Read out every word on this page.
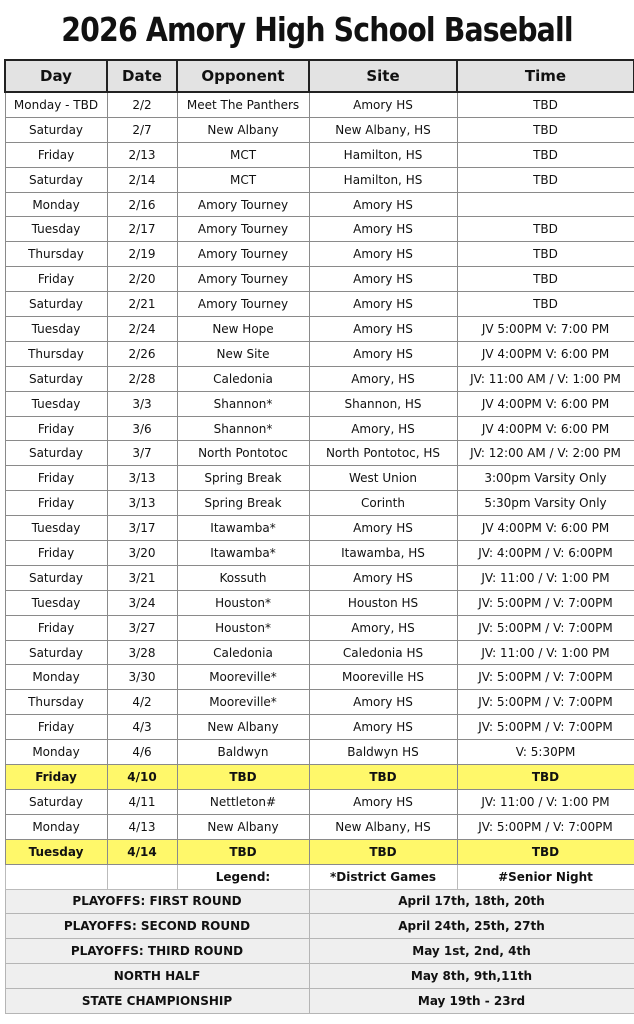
2026 Amory High School Baseball
Day	Date	Opponent	Site	Time
Monday - TBD	2/2	Meet The Panthers	Amory HS	TBD
Saturday	2/7	New Albany	New Albany, HS	TBD
Friday	2/13	MCT	Hamilton, HS	TBD
Saturday	2/14	MCT	Hamilton, HS	TBD
Monday	2/16	Amory Tourney	Amory HS	
Tuesday	2/17	Amory Tourney	Amory HS	TBD
Thursday	2/19	Amory Tourney	Amory HS	TBD
Friday	2/20	Amory Tourney	Amory HS	TBD
Saturday	2/21	Amory Tourney	Amory HS	TBD
Tuesday	2/24	New Hope	Amory HS	JV 5:00PM V: 7:00 PM
Thursday	2/26	New Site	Amory HS	JV 4:00PM V: 6:00 PM
Saturday	2/28	Caledonia	Amory, HS	JV: 11:00 AM / V: 1:00 PM
Tuesday	3/3	Shannon*	Shannon, HS	JV 4:00PM V: 6:00 PM
Friday	3/6	Shannon*	Amory, HS	JV 4:00PM V: 6:00 PM
Saturday	3/7	North Pontotoc	North Pontotoc, HS	JV: 12:00 AM / V: 2:00 PM
Friday	3/13	Spring Break	West Union	3:00pm Varsity Only
Friday	3/13	Spring Break	Corinth	5:30pm Varsity Only
Tuesday	3/17	Itawamba*	Amory HS	JV 4:00PM V: 6:00 PM
Friday	3/20	Itawamba*	Itawamba, HS	JV: 4:00PM / V: 6:00PM
Saturday	3/21	Kossuth	Amory HS	JV: 11:00 / V: 1:00 PM
Tuesday	3/24	Houston*	Houston HS	JV: 5:00PM / V: 7:00PM
Friday	3/27	Houston*	Amory, HS	JV: 5:00PM / V: 7:00PM
Saturday	3/28	Caledonia	Caledonia HS	JV: 11:00 / V: 1:00 PM
Monday	3/30	Mooreville*	Mooreville HS	JV: 5:00PM / V: 7:00PM
Thursday	4/2	Mooreville*	Amory HS	JV: 5:00PM / V: 7:00PM
Friday	4/3	New Albany	Amory HS	JV: 5:00PM / V: 7:00PM
Monday	4/6	Baldwyn	Baldwyn HS	V: 5:30PM
Friday	4/10	TBD	TBD	TBD
Saturday	4/11	Nettleton#	Amory HS	JV: 11:00 / V: 1:00 PM
Monday	4/13	New Albany	New Albany, HS	JV: 5:00PM / V: 7:00PM
Tuesday	4/14	TBD	TBD	TBD
		Legend:	*District Games	#Senior Night
PLAYOFFS: FIRST ROUND			April 17th, 18th, 20th	
PLAYOFFS: SECOND ROUND			April 24th, 25th, 27th	
PLAYOFFS: THIRD ROUND			May 1st, 2nd, 4th	
NORTH HALF			May 8th, 9th,11th	
STATE CHAMPIONSHIP			May 19th - 23rd	
